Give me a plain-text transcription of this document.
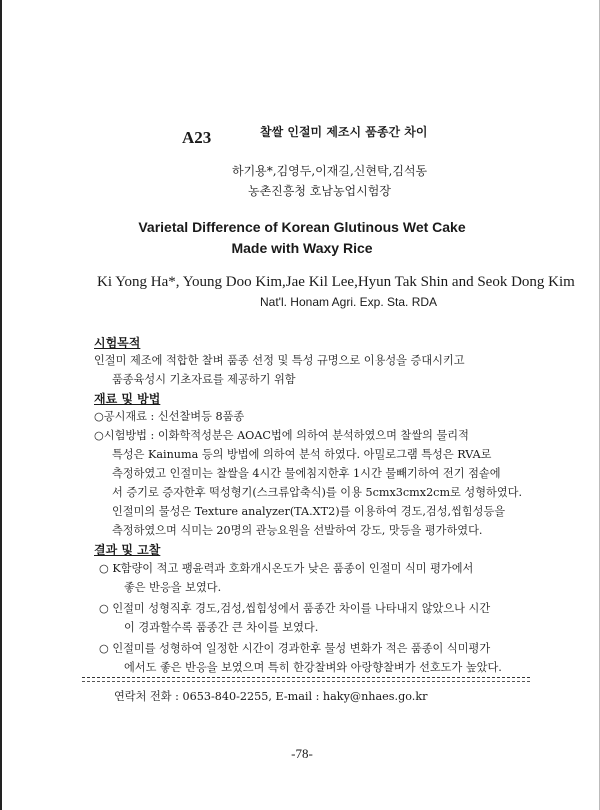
A23	찰쌀 인절미 제조시 품종간 차이
하기용*,김영두,이재길,신현탁,김석동
농촌진흥청 호남농업시험장
Varietal Difference of Korean Glutinous Wet Cake
Made with Waxy Rice
Ki Yong Ha*, Young Doo Kim,Jae Kil Lee,Hyun Tak Shin and Seok Dong Kim
Nat'l. Honam Agri. Exp. Sta. RDA
시험목적
인절미 제조에 적합한 찰벼 품종 선정 및 특성 규명으로 이용성을 증대시키고
품종육성시 기초자료를 제공하기 위함
재료 및 방법
○공시재료 : 신선찰벼등 8품종
○시험방법 : 이화학적성분은 AOAC법에 의하여 분석하였으며 찰쌀의 물리적
특성은 Kainuma 등의 방법에 의하여 분석 하였다. 아밀로그램 특성은 RVA로
측정하였고 인절미는 찰쌀을 4시간 물에침지한후 1시간 물빼기하여 전기 점솥에
서 증기로 증자한후 떡성형기(스크류압축식)를 이용 5cmx3cmx2cm로 성형하였다.
인절미의 물성은 Texture analyzer(TA.XT2)를 이용하여 경도,검성,씹힘성등을
측정하였으며 식미는 20명의 관능요원을 선발하여 강도, 맛등을 평가하였다.
결과 및 고찰
○ K함량이 적고 팽윤력과 호화개시온도가 낮은 품종이 인절미 식미 평가에서
좋은 반응을 보였다.
○ 인절미 성형직후 경도,검성,씹힘성에서 품종간 차이를 나타내지 않았으나 시간
이 경과할수록 품종간 큰 차이를 보였다.
○ 인절미를 성형하여 일정한 시간이 경과한후 물성 변화가 적은 품종이 식미평가
에서도 좋은 반응을 보였으며 특히 한강찰벼와 아랑향찰벼가 선호도가 높았다.
연락처 전화 : 0653-840-2255, E-mail : haky@nhaes.go.kr
-78-
